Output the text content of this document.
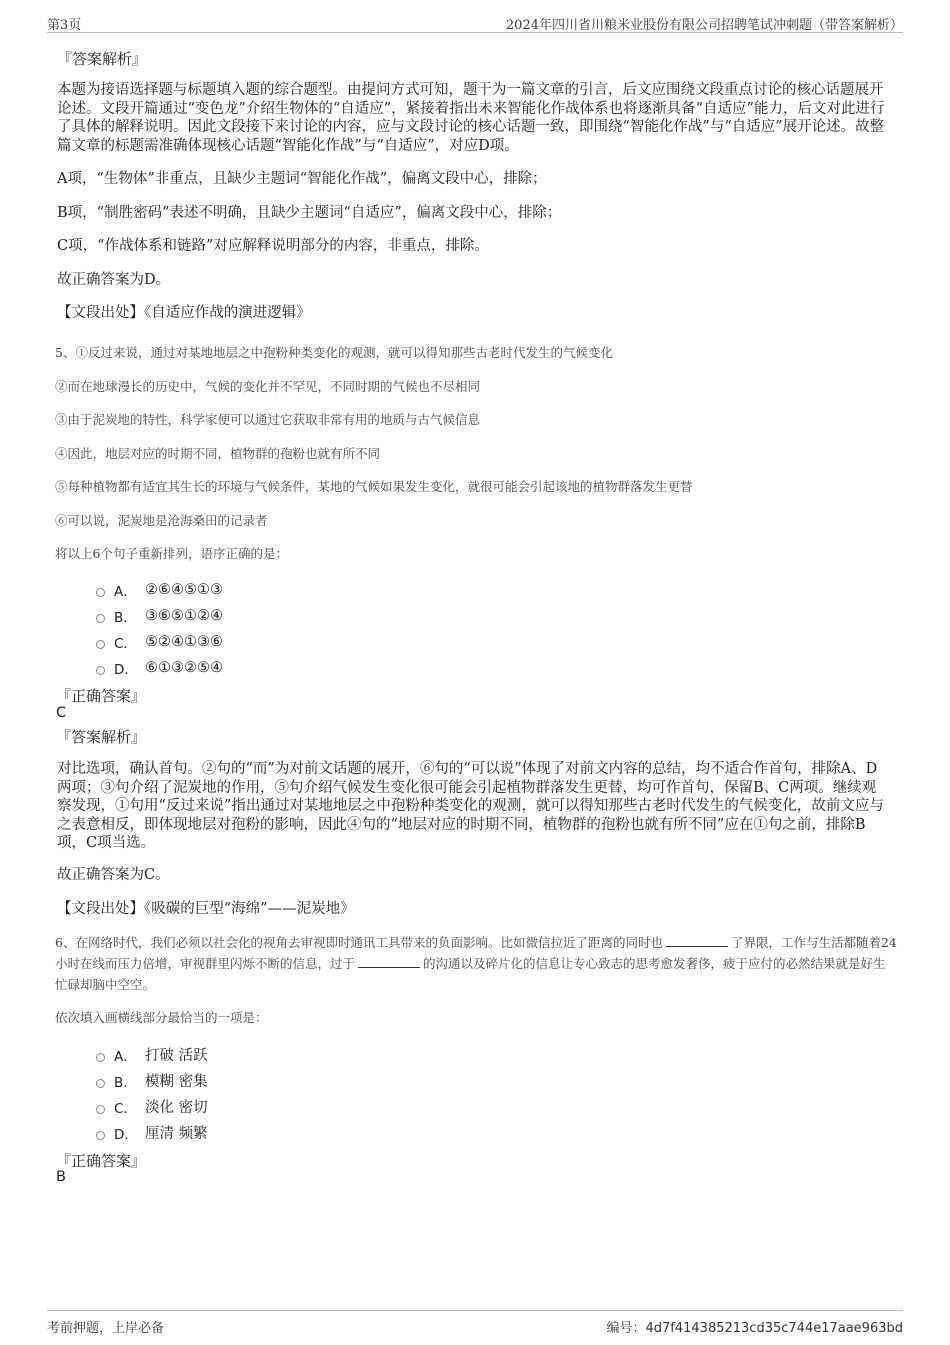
第3页	2024年四川省川粮米业股份有限公司招聘笔试冲刺题（带答案解析）
『答案解析』
本题为接语选择题与标题填入题的综合题型。由提问方式可知，题干为一篇文章的引言，后文应围绕文段重点讨论的核心话题展开论述。文段开篇通过“变色龙”介绍生物体的“自适应”，紧接着指出未来智能化作战体系也将逐渐具备“自适应”能力，后文对此进行了具体的解释说明。因此文段接下来讨论的内容，应与文段讨论的核心话题一致，即围绕“智能化作战”与“自适应”展开论述。故整篇文章的标题需准确体现核心话题“智能化作战”与“自适应”，对应D项。
A项，“生物体”非重点，且缺少主题词“智能化作战”，偏离文段中心，排除；
B项，“制胜密码”表述不明确，且缺少主题词“自适应”，偏离文段中心，排除；
C项，“作战体系和链路”对应解释说明部分的内容，非重点，排除。
故正确答案为D。
【文段出处】《自适应作战的演进逻辑》
5、①反过来说，通过对某地地层之中孢粉种类变化的观测，就可以得知那些古老时代发生的气候变化
②而在地球漫长的历史中，气候的变化并不罕见，不同时期的气候也不尽相同
③由于泥炭地的特性，科学家便可以通过它获取非常有用的地质与古气候信息
④因此，地层对应的时期不同，植物群的孢粉也就有所不同
⑤每种植物都有适宜其生长的环境与气候条件，某地的气候如果发生变化，就很可能会引起该地的植物群落发生更替
⑥可以说，泥炭地是沧海桑田的记录者
将以上6个句子重新排列，语序正确的是：
A． ②⑥④⑤①③
B． ③⑥⑤①②④
C． ⑤②④①③⑥
D． ⑥①③②⑤④
『正确答案』
C
『答案解析』
对比选项，确认首句。②句的“而”为对前文话题的展开，⑥句的“可以说”体现了对前文内容的总结，均不适合作首句，排除A、D两项；③句介绍了泥炭地的作用，⑤句介绍气候发生变化很可能会引起植物群落发生更替，均可作首句，保留B、C两项。继续观察发现，①句用“反过来说”指出通过对某地地层之中孢粉种类变化的观测，就可以得知那些古老时代发生的气候变化，故前文应与之表意相反，即体现地层对孢粉的影响，因此④句的“地层对应的时期不同，植物群的孢粉也就有所不同”应在①句之前，排除B项，C项当选。
故正确答案为C。
【文段出处】《吸碳的巨型“海绵”——泥炭地》
6、在网络时代，我们必须以社会化的视角去审视即时通讯工具带来的负面影响。比如微信拉近了距离的同时也	了界限，工作与生活都随着24小时在线而压力倍增，审视群里闪烁不断的信息，过于	的沟通以及碎片化的信息让专心致志的思考愈发奢侈，疲于应付的必然结果就是好生忙碌却脑中空空。
依次填入画横线部分最恰当的一项是：
A． 打破 活跃
B． 模糊 密集
C． 淡化 密切
D． 厘清 频繁
『正确答案』
B
考前押题，上岸必备	编号：4d7f414385213cd35c744e17aae963bd
